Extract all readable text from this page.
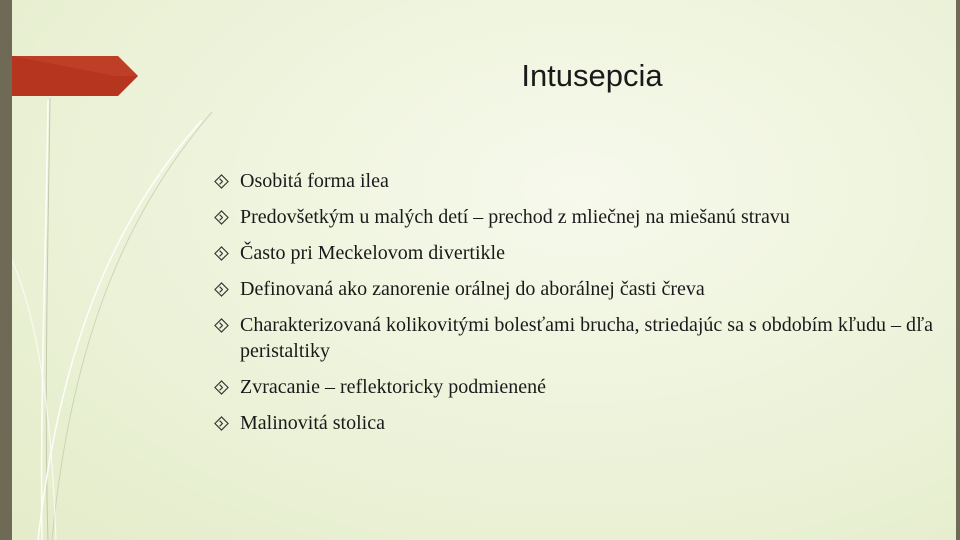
Intusepcia
Osobitá forma ilea
Predovšetkým u malých detí – prechod z mliečnej na miešanú stravu
Často pri Meckelovom divertikle
Definovaná ako zanorenie orálnej do aborálnej časti čreva
Charakterizovaná kolikovitými bolesťami brucha, striedajúc sa s obdobím kľudu – dľa peristaltiky
Zvracanie – reflektoricky podmienené
Malinovitá stolica
